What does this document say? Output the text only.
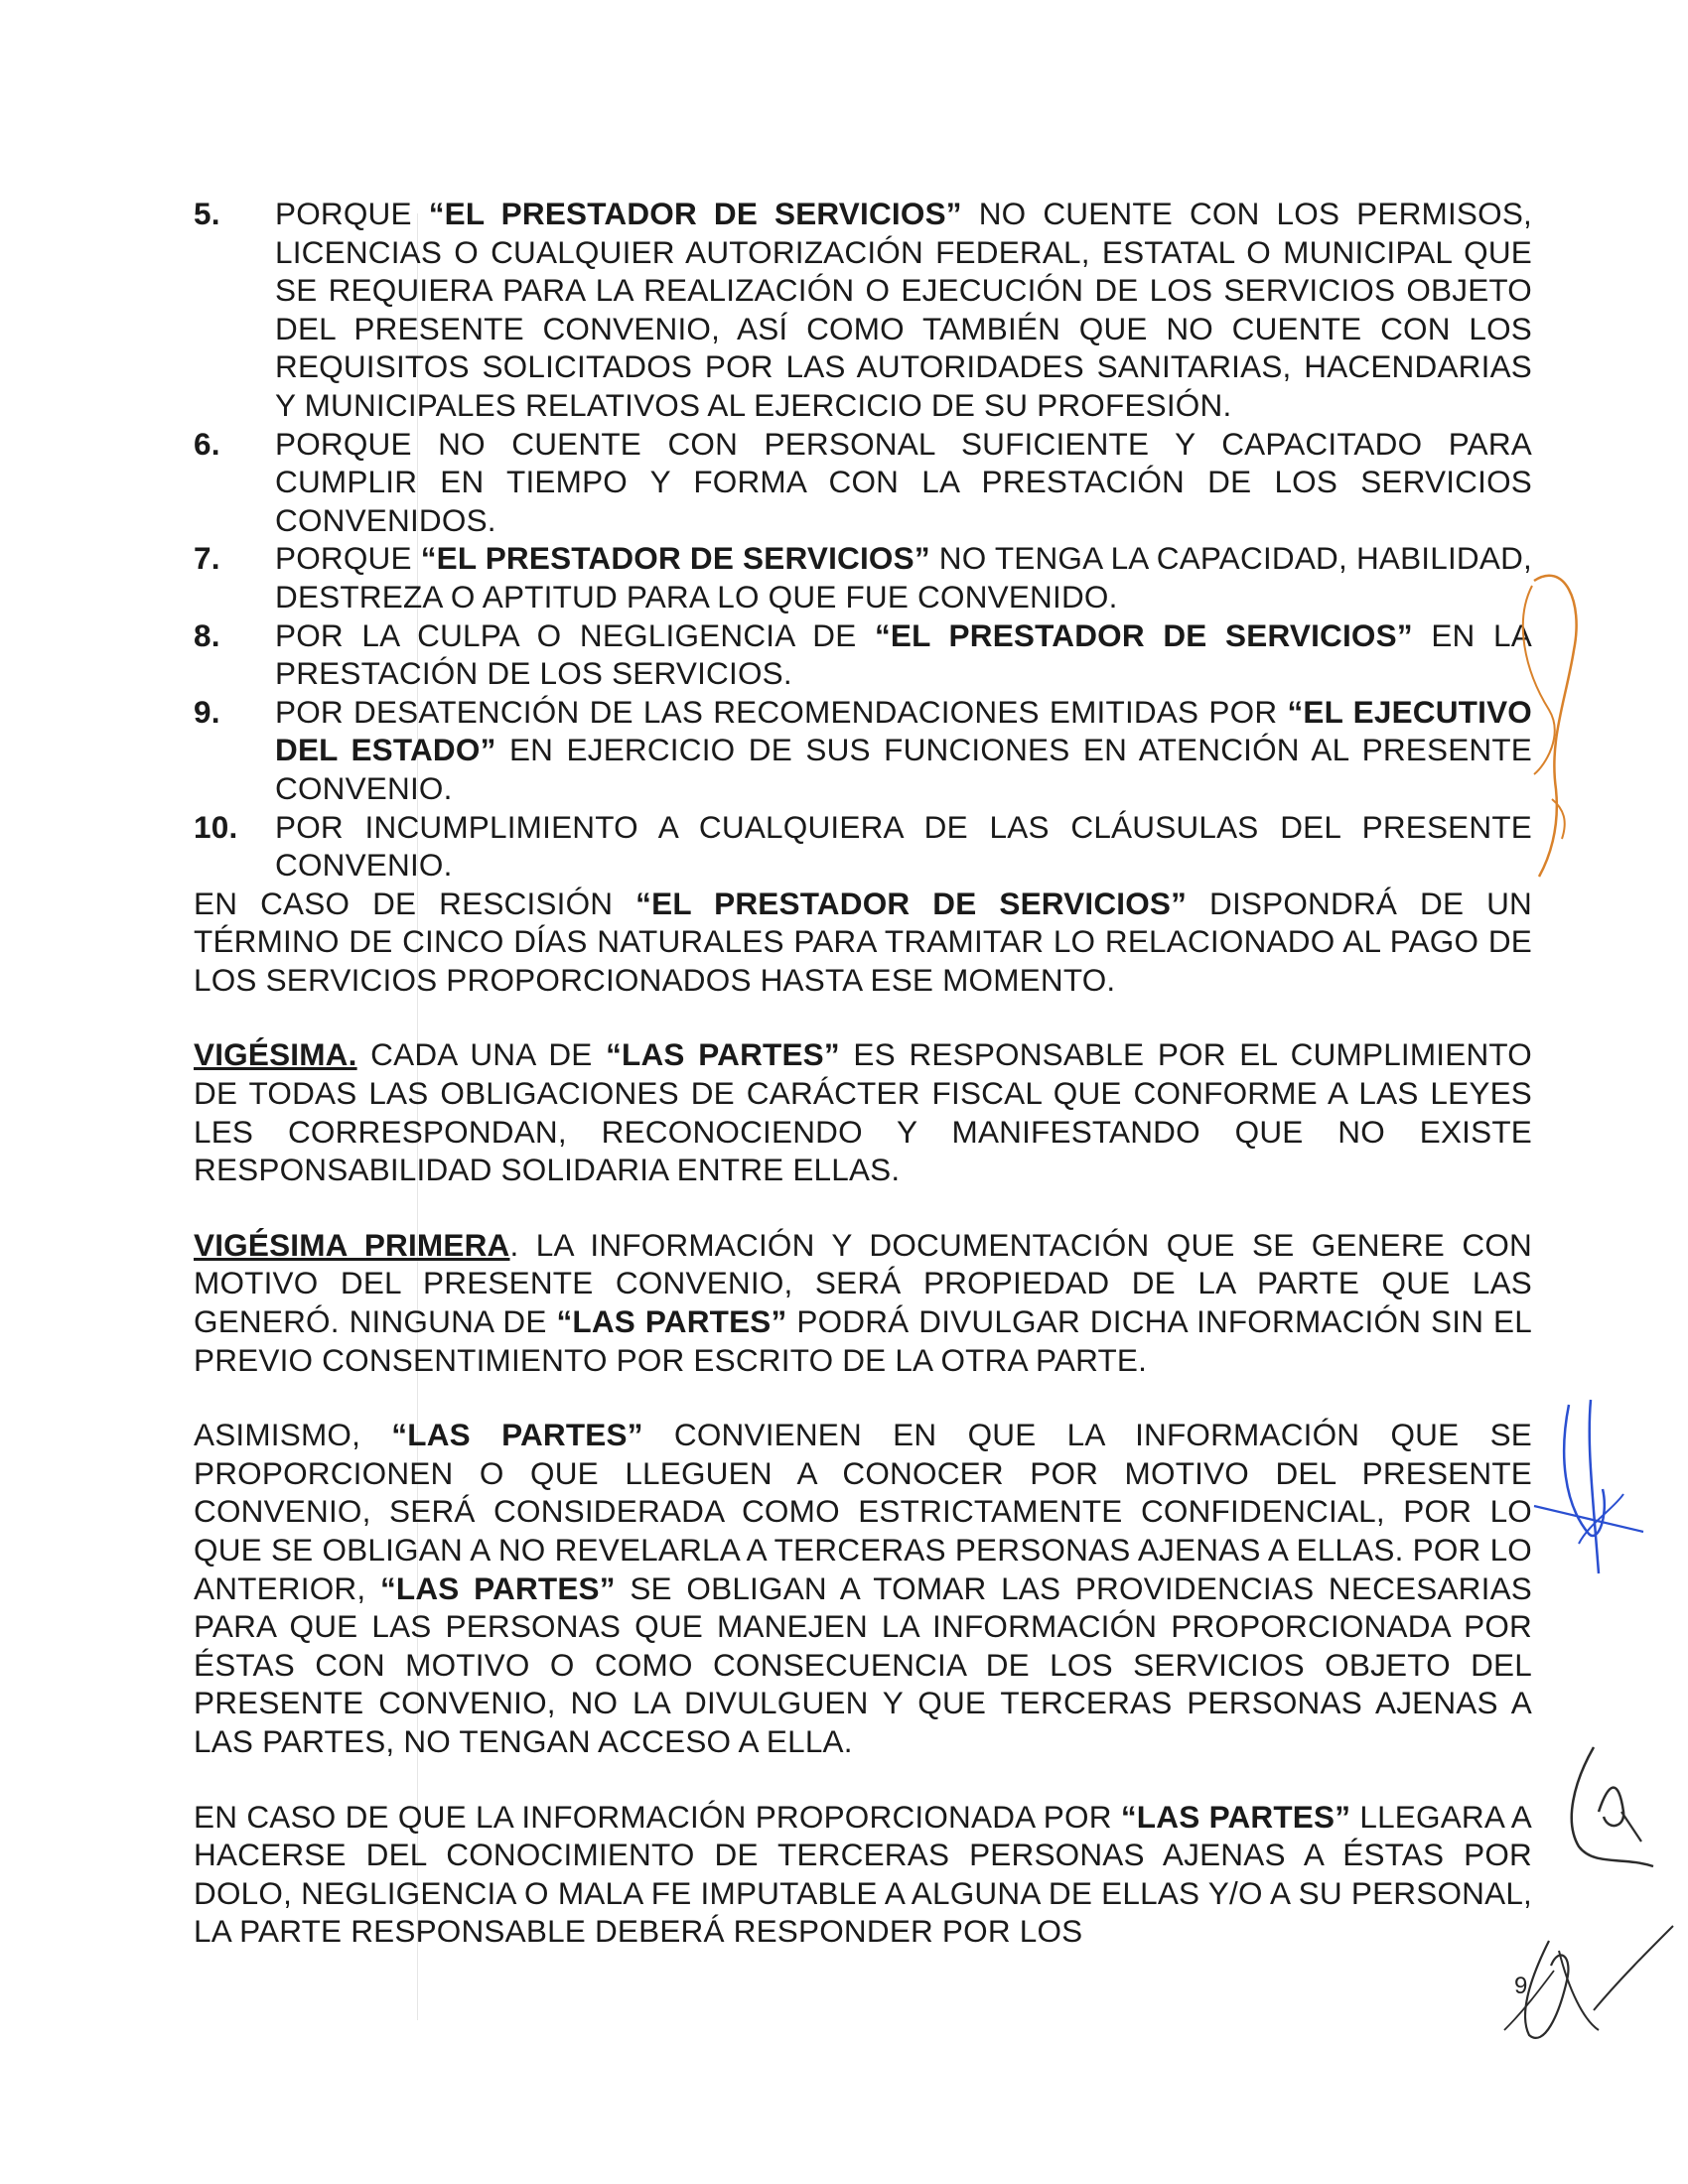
5.	PORQUE “EL PRESTADOR DE SERVICIOS” NO CUENTE CON LOS PERMISOS, LICENCIAS O CUALQUIER AUTORIZACIÓN FEDERAL, ESTATAL O MUNICIPAL QUE SE REQUIERA PARA LA REALIZACIÓN O EJECUCIÓN DE LOS SERVICIOS OBJETO DEL PRESENTE CONVENIO, ASÍ COMO TAMBIÉN QUE NO CUENTE CON LOS REQUISITOS SOLICITADOS POR LAS AUTORIDADES SANITARIAS, HACENDARIAS Y MUNICIPALES RELATIVOS AL EJERCICIO DE SU PROFESIÓN.
6.	PORQUE NO CUENTE CON PERSONAL SUFICIENTE Y CAPACITADO PARA CUMPLIR EN TIEMPO Y FORMA CON LA PRESTACIÓN DE LOS SERVICIOS CONVENIDOS.
7.	PORQUE “EL PRESTADOR DE SERVICIOS” NO TENGA LA CAPACIDAD, HABILIDAD, DESTREZA O APTITUD PARA LO QUE FUE CONVENIDO.
8.	POR LA CULPA O NEGLIGENCIA DE “EL PRESTADOR DE SERVICIOS” EN LA PRESTACIÓN DE LOS SERVICIOS.
9.	POR DESATENCIÓN DE LAS RECOMENDACIONES EMITIDAS POR “EL EJECUTIVO DEL ESTADO” EN EJERCICIO DE SUS FUNCIONES EN ATENCIÓN AL PRESENTE CONVENIO.
10.	POR INCUMPLIMIENTO A CUALQUIERA DE LAS CLÁUSULAS DEL PRESENTE CONVENIO.

EN CASO DE RESCISIÓN “EL PRESTADOR DE SERVICIOS” DISPONDRÁ DE UN TÉRMINO DE CINCO DÍAS NATURALES PARA TRAMITAR LO RELACIONADO AL PAGO DE LOS SERVICIOS PROPORCIONADOS HASTA ESE MOMENTO.

VIGÉSIMA. CADA UNA DE “LAS PARTES” ES RESPONSABLE POR EL CUMPLIMIENTO DE TODAS LAS OBLIGACIONES DE CARÁCTER FISCAL QUE CONFORME A LAS LEYES LES CORRESPONDAN, RECONOCIENDO Y MANIFESTANDO QUE NO EXISTE RESPONSABILIDAD SOLIDARIA ENTRE ELLAS.

VIGÉSIMA PRIMERA. LA INFORMACIÓN Y DOCUMENTACIÓN QUE SE GENERE CON MOTIVO DEL PRESENTE CONVENIO, SERÁ PROPIEDAD DE LA PARTE QUE LAS GENERÓ. NINGUNA DE “LAS PARTES” PODRÁ DIVULGAR DICHA INFORMACIÓN SIN EL PREVIO CONSENTIMIENTO POR ESCRITO DE LA OTRA PARTE.

ASIMISMO, “LAS PARTES” CONVIENEN EN QUE LA INFORMACIÓN QUE SE PROPORCIONEN O QUE LLEGUEN A CONOCER POR MOTIVO DEL PRESENTE CONVENIO, SERÁ CONSIDERADA COMO ESTRICTAMENTE CONFIDENCIAL, POR LO QUE SE OBLIGAN A NO REVELARLA A TERCERAS PERSONAS AJENAS A ELLAS. POR LO ANTERIOR, “LAS PARTES” SE OBLIGAN A TOMAR LAS PROVIDENCIAS NECESARIAS PARA QUE LAS PERSONAS QUE MANEJEN LA INFORMACIÓN PROPORCIONADA POR ÉSTAS CON MOTIVO O COMO CONSECUENCIA DE LOS SERVICIOS OBJETO DEL PRESENTE CONVENIO, NO LA DIVULGUEN Y QUE TERCERAS PERSONAS AJENAS A LAS PARTES, NO TENGAN ACCESO A ELLA.

EN CASO DE QUE LA INFORMACIÓN PROPORCIONADA POR “LAS PARTES” LLEGARA A HACERSE DEL CONOCIMIENTO DE TERCERAS PERSONAS AJENAS A ÉSTAS POR DOLO, NEGLIGENCIA O MALA FE IMPUTABLE A ALGUNA DE ELLAS Y/O A SU PERSONAL, LA PARTE RESPONSABLE DEBERÁ RESPONDER POR LOS

9
